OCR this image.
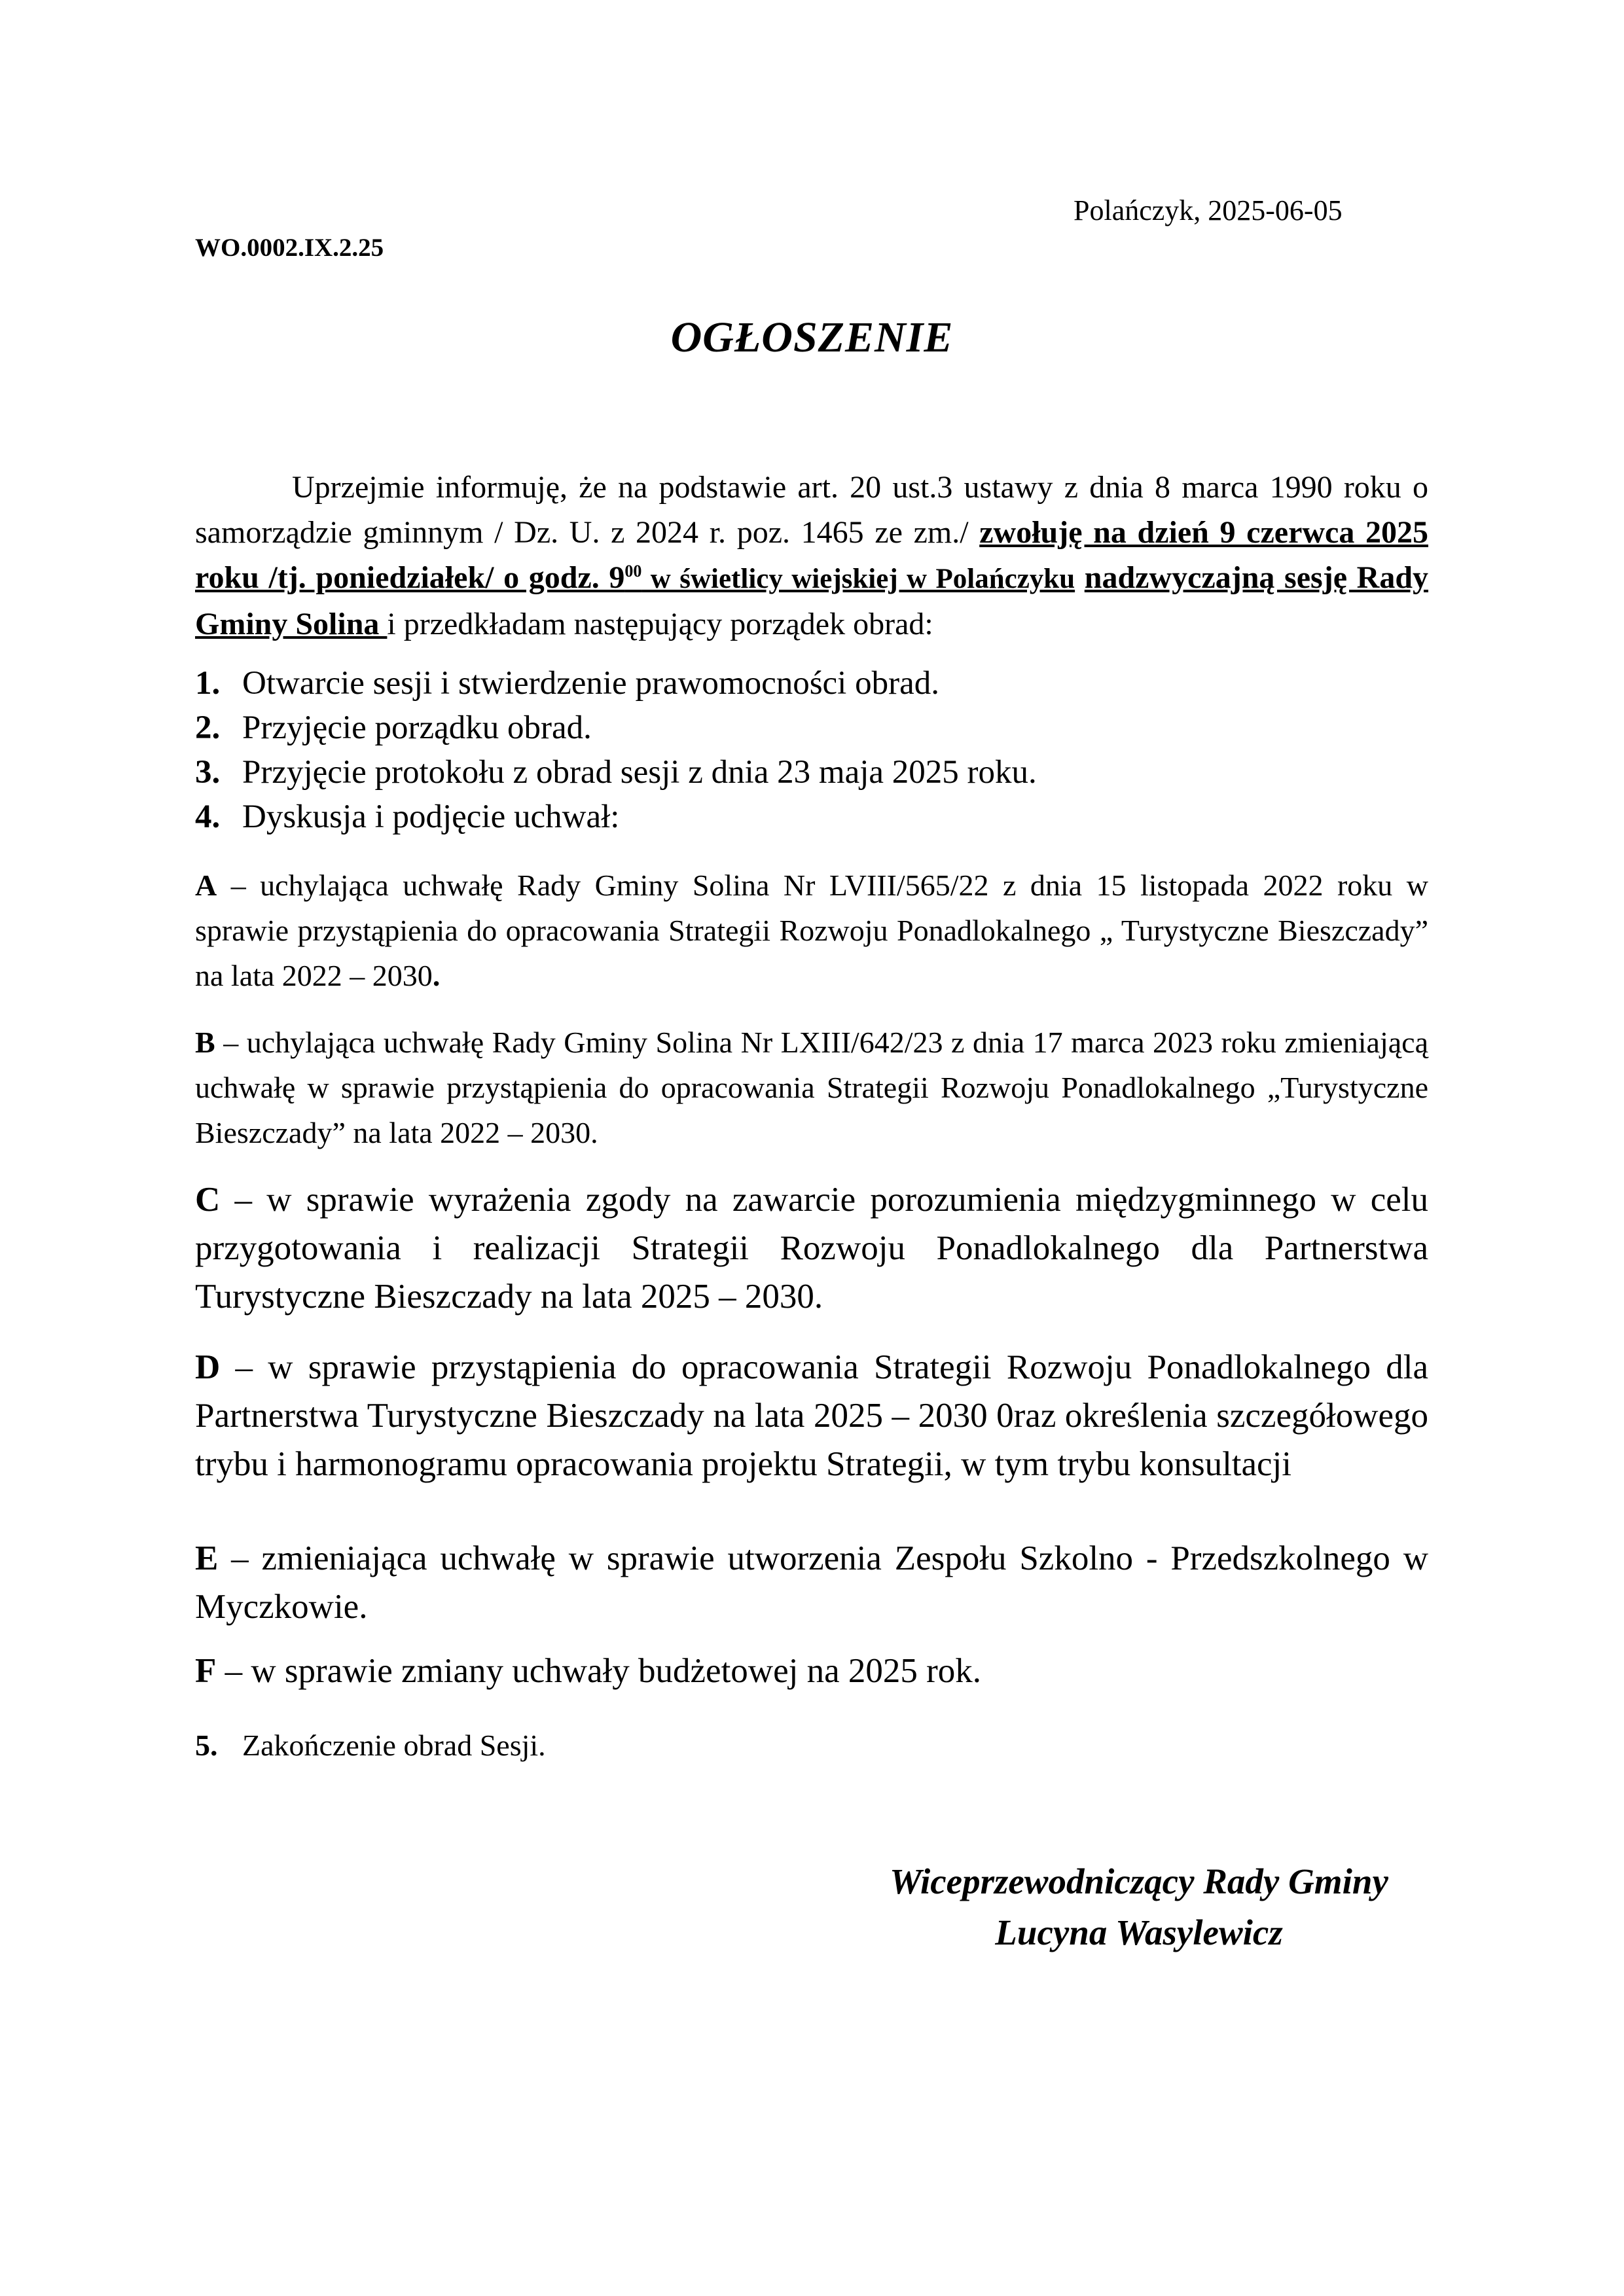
WO.0002.IX.2.25
Polańczyk, 2025-06-05
OGŁOSZENIE

Uprzejmie informuję, że na podstawie art. 20 ust.3 ustawy z dnia 8 marca 1990 roku o samorządzie gminnym / Dz. U. z 2024 r. poz. 1465 ze zm./ zwołuję na dzień 9 czerwca 2025 roku /tj. poniedziałek/ o godz. $9^{00}$ w świetlicy wiejskiej w Polańczyku nadzwyczajną sesję Rady Gminy Solina i przedkładam następujący porządek obrad:

1. Otwarcie sesji i stwierdzenie prawomocności obrad.
2. Przyjęcie porządku obrad.
3. Przyjęcie protokołu z obrad sesji z dnia 23 maja 2025 roku.
4. Dyskusja i podjęcie uchwał:

A – uchylająca uchwałę Rady Gminy Solina Nr LVIII/565/22 z dnia 15 listopada 2022 roku w sprawie przystąpienia do opracowania Strategii Rozwoju Ponadlokalnego „ Turystyczne Bieszczady” na lata 2022 – 2030.

B – uchylająca uchwałę Rady Gminy Solina Nr LXIII/642/23 z dnia 17 marca 2023 roku zmieniającą uchwałę w sprawie przystąpienia do opracowania Strategii Rozwoju Ponadlokalnego „Turystyczne Bieszczady” na lata 2022 – 2030.

C – w sprawie wyrażenia zgody na zawarcie porozumienia międzygminnego w celu przygotowania i realizacji Strategii Rozwoju Ponadlokalnego dla Partnerstwa Turystyczne Bieszczady na lata 2025 – 2030.

D – w sprawie przystąpienia do opracowania Strategii Rozwoju Ponadlokalnego dla Partnerstwa Turystyczne Bieszczady na lata 2025 – 2030 0raz określenia szczegółowego trybu i harmonogramu opracowania projektu Strategii, w tym trybu konsultacji

E – zmieniająca uchwałę w sprawie utworzenia Zespołu Szkolno - Przedszkolnego w Myczkowie.

F – w sprawie zmiany uchwały budżetowej na 2025 rok.

5. Zakończenie obrad Sesji.
Wiceprzewodniczący Rady Gminy
Lucyna Wasylewicz
